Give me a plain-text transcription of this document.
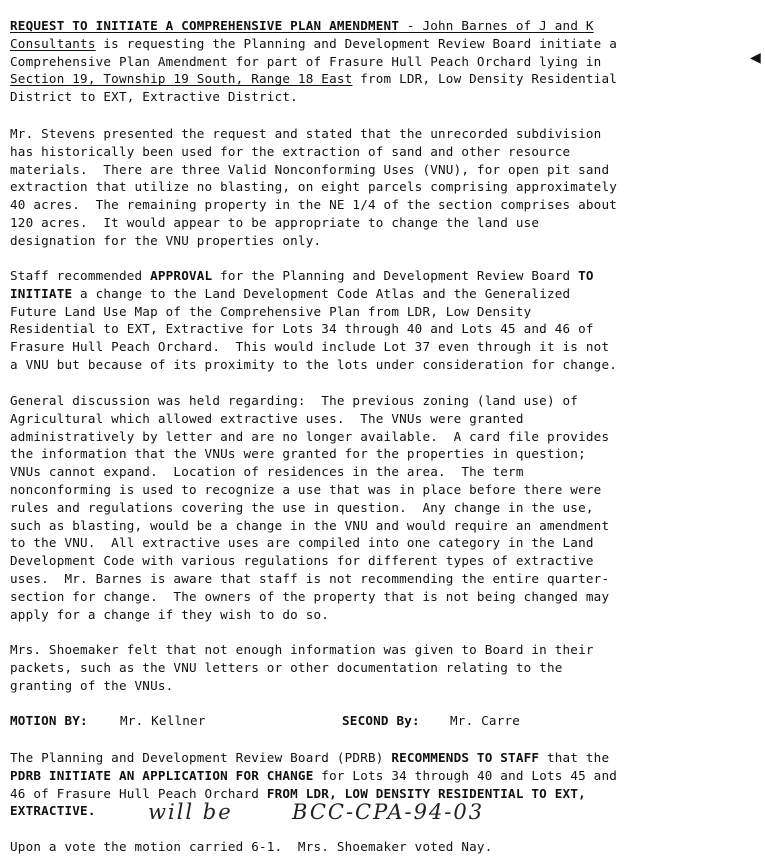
◀
REQUEST TO INITIATE A COMPREHENSIVE PLAN AMENDMENT - John Barnes of J and K
Consultants is requesting the Planning and Development Review Board initiate a
Comprehensive Plan Amendment for part of Frasure Hull Peach Orchard lying in
Section 19, Township 19 South, Range 18 East from LDR, Low Density Residential
District to EXT, Extractive District.
Mr. Stevens presented the request and stated that the unrecorded subdivision
has historically been used for the extraction of sand and other resource
materials.  There are three Valid Nonconforming Uses (VNU), for open pit sand
extraction that utilize no blasting, on eight parcels comprising approximately
40 acres.  The remaining property in the NE 1/4 of the section comprises about
120 acres.  It would appear to be appropriate to change the land use
designation for the VNU properties only.
Staff recommended APPROVAL for the Planning and Development Review Board TO
INITIATE a change to the Land Development Code Atlas and the Generalized
Future Land Use Map of the Comprehensive Plan from LDR, Low Density
Residential to EXT, Extractive for Lots 34 through 40 and Lots 45 and 46 of
Frasure Hull Peach Orchard.  This would include Lot 37 even through it is not
a VNU but because of its proximity to the lots under consideration for change.
General discussion was held regarding:  The previous zoning (land use) of
Agricultural which allowed extractive uses.  The VNUs were granted
administratively by letter and are no longer available.  A card file provides
the information that the VNUs were granted for the properties in question;
VNUs cannot expand.  Location of residences in the area.  The term
nonconforming is used to recognize a use that was in place before there were
rules and regulations covering the use in question.  Any change in the use,
such as blasting, would be a change in the VNU and would require an amendment
to the VNU.  All extractive uses are compiled into one category in the Land
Development Code with various regulations for different types of extractive
uses.  Mr. Barnes is aware that staff is not recommending the entire quarter-
section for change.  The owners of the property that is not being changed may
apply for a change if they wish to do so.
Mrs. Shoemaker felt that not enough information was given to Board in their
packets, such as the VNU letters or other documentation relating to the
granting of the VNUs.
MOTION BY:	Mr. Kellner	SECOND By: Mr. Carre
The Planning and Development Review Board (PDRB) RECOMMENDS TO STAFF that the
PDRB INITIATE AN APPLICATION FOR CHANGE for Lots 34 through 40 and Lots 45 and
46 of Frasure Hull Peach Orchard FROM LDR, LOW DENSITY RESIDENTIAL TO EXT,
EXTRACTIVE.	will be	BCC-CPA-94-03
Upon a vote the motion carried 6-1.  Mrs. Shoemaker voted Nay.
